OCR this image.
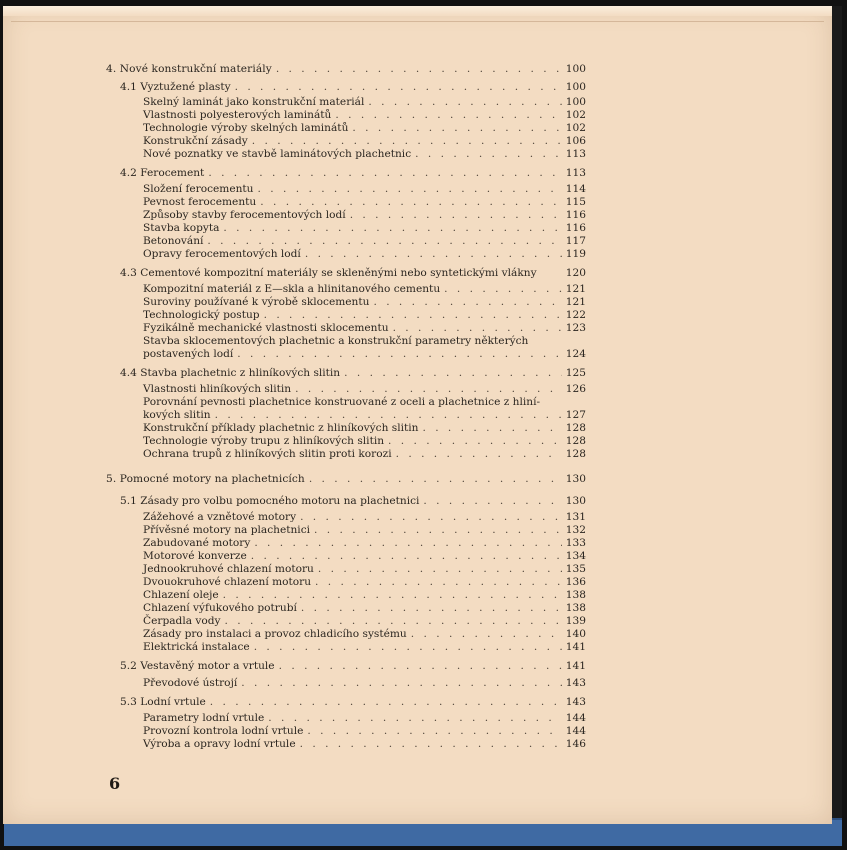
4. Nové konstrukční materiály . . .	100
4.1 Vyztužené plasty . . .	100
Skelný laminát jako konstrukční materiál . . .	100
Vlastnosti polyesterových laminátů . . .	102
Technologie výroby skelných laminátů . . .	102
Konstrukční zásady . . .	106
Nové poznatky ve stavbě laminátových plachetnic . . .	113
4.2 Ferocement . . .	113
Složení ferocementu . . .	114
Pevnost ferocementu . . .	115
Způsoby stavby ferocementových lodí . . .	116
Stavba kopyta . . .	116
Betonování . . .	117
Opravy ferocementových lodí . . .	119
4.3 Cementové kompozitní materiály se skleněnými nebo syntetickými vlákny	120
Kompozitní materiál z E—skla a hlinitanového cementu . . .	121
Suroviny používané k výrobě sklocementu . . .	121
Technologický postup . . .	122
Fyzikálně mechanické vlastnosti sklocementu . . .	123
Stavba sklocementových plachetnic a konstrukční parametry některých
postavených lodí . . .	124
4.4 Stavba plachetnic z hliníkových slitin . . .	125
Vlastnosti hliníkových slitin . . .	126
Porovnání pevnosti plachetnice konstruované z oceli a plachetnice z hliní-
kových slitin . . .	127
Konstrukční příklady plachetnic z hliníkových slitin . . .	128
Technologie výroby trupu z hliníkových slitin . . .	128
Ochrana trupů z hliníkových slitin proti korozi . . .	128
5. Pomocné motory na plachetnicích . . .	130
5.1 Zásady pro volbu pomocného motoru na plachetnici . . .	130
Zážehové a vznětové motory . . .	131
Přívěsné motory na plachetnici . . .	132
Zabudované motory . . .	133
Motorové konverze . . .	134
Jednookruhové chlazení motoru . . .	135
Dvouokruhové chlazení motoru . . .	136
Chlazení oleje . . .	138
Chlazení výfukového potrubí . . .	138
Čerpadla vody . . .	139
Zásady pro instalaci a provoz chladicího systému . . .	140
Elektrická instalace . . .	141
5.2 Vestavěný motor a vrtule . . .	141
Převodové ústrojí . . .	143
5.3 Lodní vrtule . . .	143
Parametry lodní vrtule . . .	144
Provozní kontrola lodní vrtule . . .	144
Výroba a opravy lodní vrtule . . .	146
6
